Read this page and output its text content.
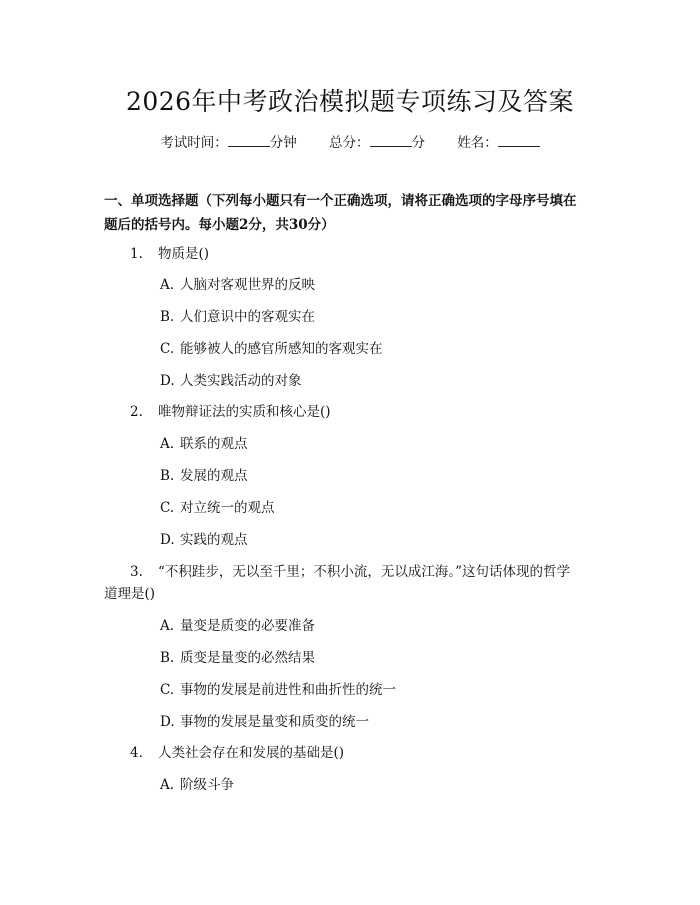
2026年中考政治模拟题专项练习及答案
考试时间：	分钟 总分：	分 姓名：
一、单项选择题（下列每小题只有一个正确选项，请将正确选项的字母序号填在
题后的括号内。每小题2分，共30分）
1. 物质是()
A. 人脑对客观世界的反映
B. 人们意识中的客观实在
C. 能够被人的感官所感知的客观实在
D. 人类实践活动的对象
2. 唯物辩证法的实质和核心是()
A. 联系的观点
B. 发展的观点
C. 对立统一的观点
D. 实践的观点
3. “不积跬步，无以至千里；不积小流，无以成江海。”这句话体现的哲学
道理是()
A. 量变是质变的必要准备
B. 质变是量变的必然结果
C. 事物的发展是前进性和曲折性的统一
D. 事物的发展是量变和质变的统一
4. 人类社会存在和发展的基础是()
A. 阶级斗争
